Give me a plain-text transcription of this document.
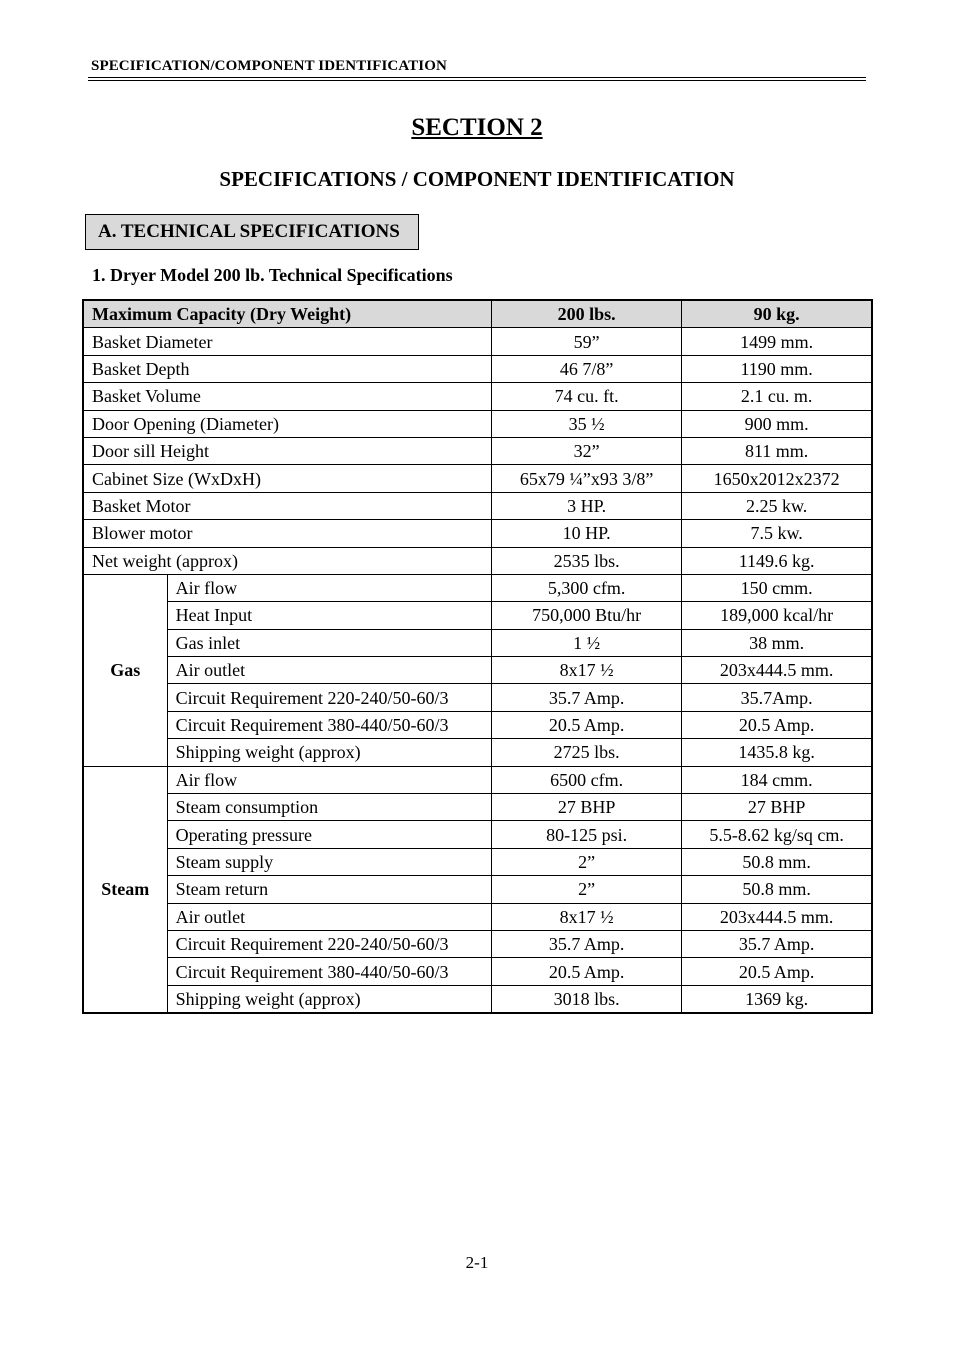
SPECIFICATION/COMPONENT IDENTIFICATION
SECTION 2
SPECIFICATIONS / COMPONENT IDENTIFICATION
A. TECHNICAL SPECIFICATIONS
1. Dryer Model 200 lb. Technical Specifications
Maximum Capacity (Dry Weight)		200 lbs.	90 kg.
Basket Diameter		59”	1499 mm.
Basket Depth		46 7/8”	1190 mm.
Basket Volume		74 cu. ft.	2.1 cu. m.
Door Opening (Diameter)		35 ½	900 mm.
Door sill Height		32”	811 mm.
Cabinet Size (WxDxH)		65x79 ¼”x93 3/8”	1650x2012x2372
Basket Motor		3 HP.	2.25 kw.
Blower motor		10 HP.	7.5 kw.
Net weight (approx)		2535 lbs.	1149.6 kg.
Gas	Air flow	5,300 cfm.	150 cmm.
	Heat Input	750,000 Btu/hr	189,000 kcal/hr
	Gas inlet	1 ½	38 mm.
	Air outlet	8x17 ½	203x444.5 mm.
	Circuit Requirement 220-240/50-60/3	35.7 Amp.	35.7Amp.
	Circuit Requirement 380-440/50-60/3	20.5 Amp.	20.5 Amp.
	Shipping weight (approx)	2725 lbs.	1435.8 kg.
Steam	Air flow	6500 cfm.	184 cmm.
	Steam consumption	27 BHP	27 BHP
	Operating pressure	80-125 psi.	5.5-8.62 kg/sq cm.
	Steam supply	2”	50.8 mm.
	Steam return	2”	50.8 mm.
	Air outlet	8x17 ½	203x444.5 mm.
	Circuit Requirement 220-240/50-60/3	35.7 Amp.	35.7 Amp.
	Circuit Requirement 380-440/50-60/3	20.5 Amp.	20.5 Amp.
	Shipping weight (approx)	3018 lbs.	1369 kg.
2-1
